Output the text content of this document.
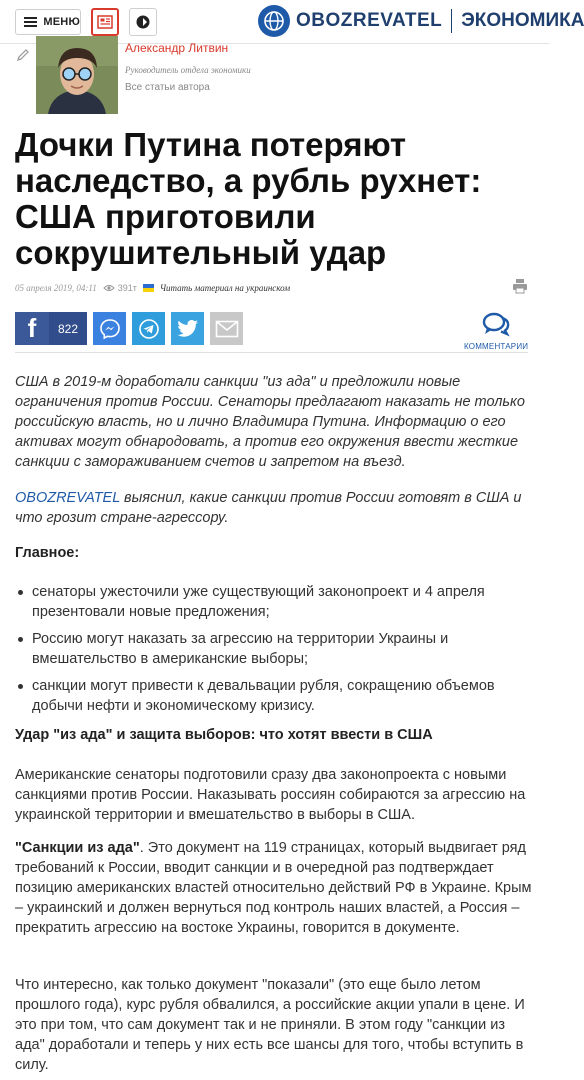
МЕНЮ	OBOZREVATEL ЭКОНОМИКА
Александр Литвин
Руководитель отдела экономики
Все статьи автора
Дочки Путина потеряют наследство, а рубль рухнет: США приготовили сокрушительный удар
05 апреля 2019, 04:11 391т	Читать материал на украинском
f	822
КОММЕНТАРИИ

США в 2019-м доработали санкции "из ада" и предложили новые ограничения против России. Сенаторы предлагают наказать не только российскую власть, но и лично Владимира Путина. Информацию о его активах могут обнародовать, а против его окружения ввести жесткие санкции с замораживанием счетов и запретом на въезд.

OBOZREVATEL выяснил, какие санкции против России готовят в США и что грозит стране-агрессору.

Главное:
сенаторы ужесточили уже существующий законопроект и 4 апреля презентовали новые предложения;
Россию могут наказать за агрессию на территории Украины и вмешательство в американские выборы;
санкции могут привести к девальвации рубля, сокращению объемов добычи нефти и экономическому кризису.
Удар "из ада" и защита выборов: что хотят ввести в США

Американские сенаторы подготовили сразу два законопроекта с новыми санкциями против России. Наказывать россиян собираются за агрессию на украинской территории и вмешательство в выборы в США.

"Санкции из ада". Это документ на 119 страницах, который выдвигает ряд требований к России, вводит санкции и в очередной раз подтверждает позицию американских властей относительно действий РФ в Украине. Крым – украинский и должен вернуться под контроль наших властей, а Россия – прекратить агрессию на востоке Украины, говорится в документе.

Что интересно, как только документ "показали" (это еще было летом прошлого года), курс рубля обвалился, а российские акции упали в цене. И это при том, что сам документ так и не приняли. В этом году "санкции из ада" доработали и теперь у них есть все шансы для того, чтобы вступить в силу.
